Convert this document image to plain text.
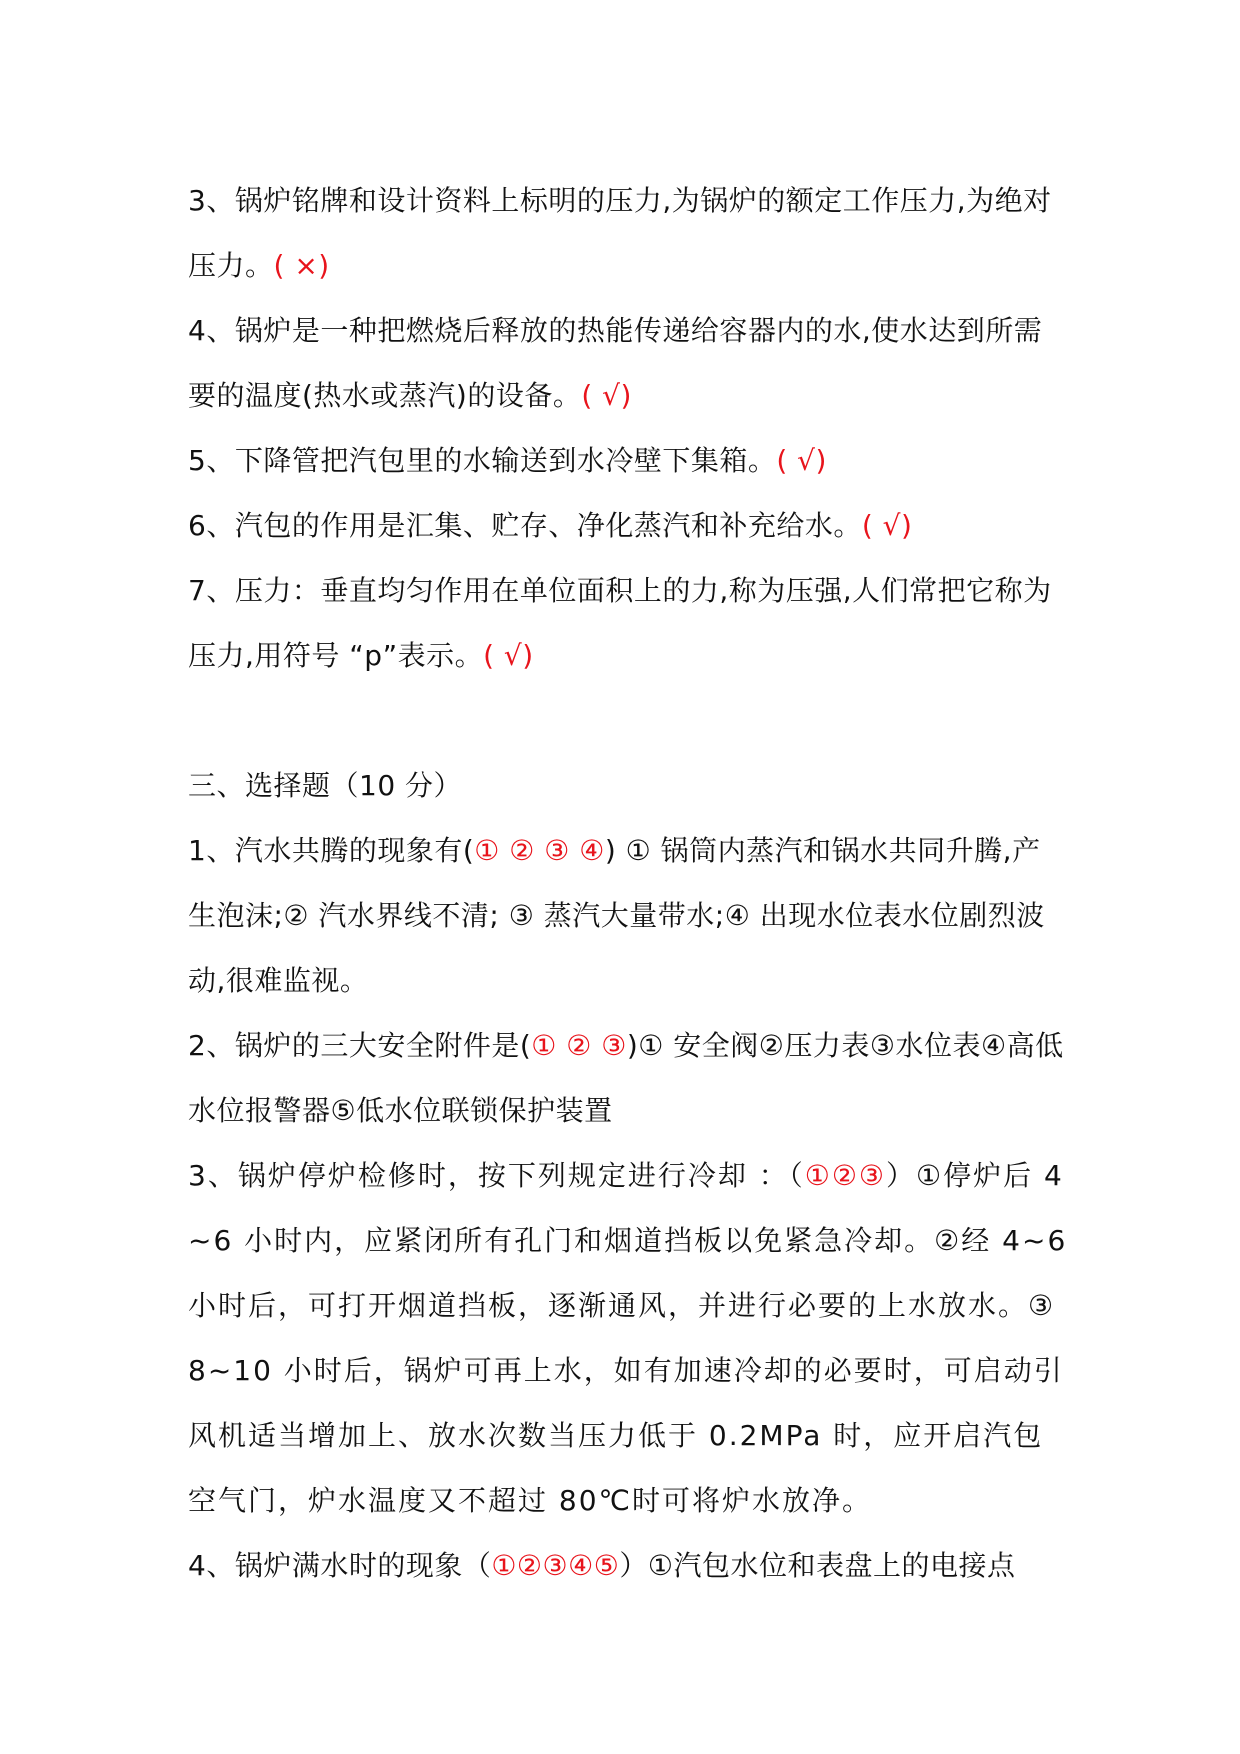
3、锅炉铭牌和设计资料上标明的压力,为锅炉的额定工作压力,为绝对压力。( ×)

4、锅炉是一种把燃烧后释放的热能传递给容器内的水,使水达到所需要的温度(热水或蒸汽)的设备。( √)

5、下降管把汽包里的水输送到水冷壁下集箱。( √)

6、汽包的作用是汇集、贮存、净化蒸汽和补充给水。( √)

7、压力：垂直均匀作用在单位面积上的力,称为压强,人们常把它称为压力,用符号 “p”表示。( √)

三、选择题（10 分）

1、汽水共腾的现象有(① ② ③ ④) ① 锅筒内蒸汽和锅水共同升腾,产生泡沫;② 汽水界线不清; ③ 蒸汽大量带水;④ 出现水位表水位剧烈波动,很难监视。

2、锅炉的三大安全附件是(① ② ③)① 安全阀②压力表③水位表④高低水位报警器⑤低水位联锁保护装置

3、锅炉停炉检修时，按下列规定进行冷却 ：（①②③）①停炉后 4~6 小时内，应紧闭所有孔门和烟道挡板以免紧急冷却。②经 4~6 小时后，可打开烟道挡板，逐渐通风，并进行必要的上水放水。③ 8~10 小时后，锅炉可再上水，如有加速冷却的必要时，可启动引风机适当增加上、放水次数当压力低于 0.2MPa 时，应开启汽包空气门，炉水温度又不超过 80℃时可将炉水放净。

4、锅炉满水时的现象（①②③④⑤）①汽包水位和表盘上的电接点
